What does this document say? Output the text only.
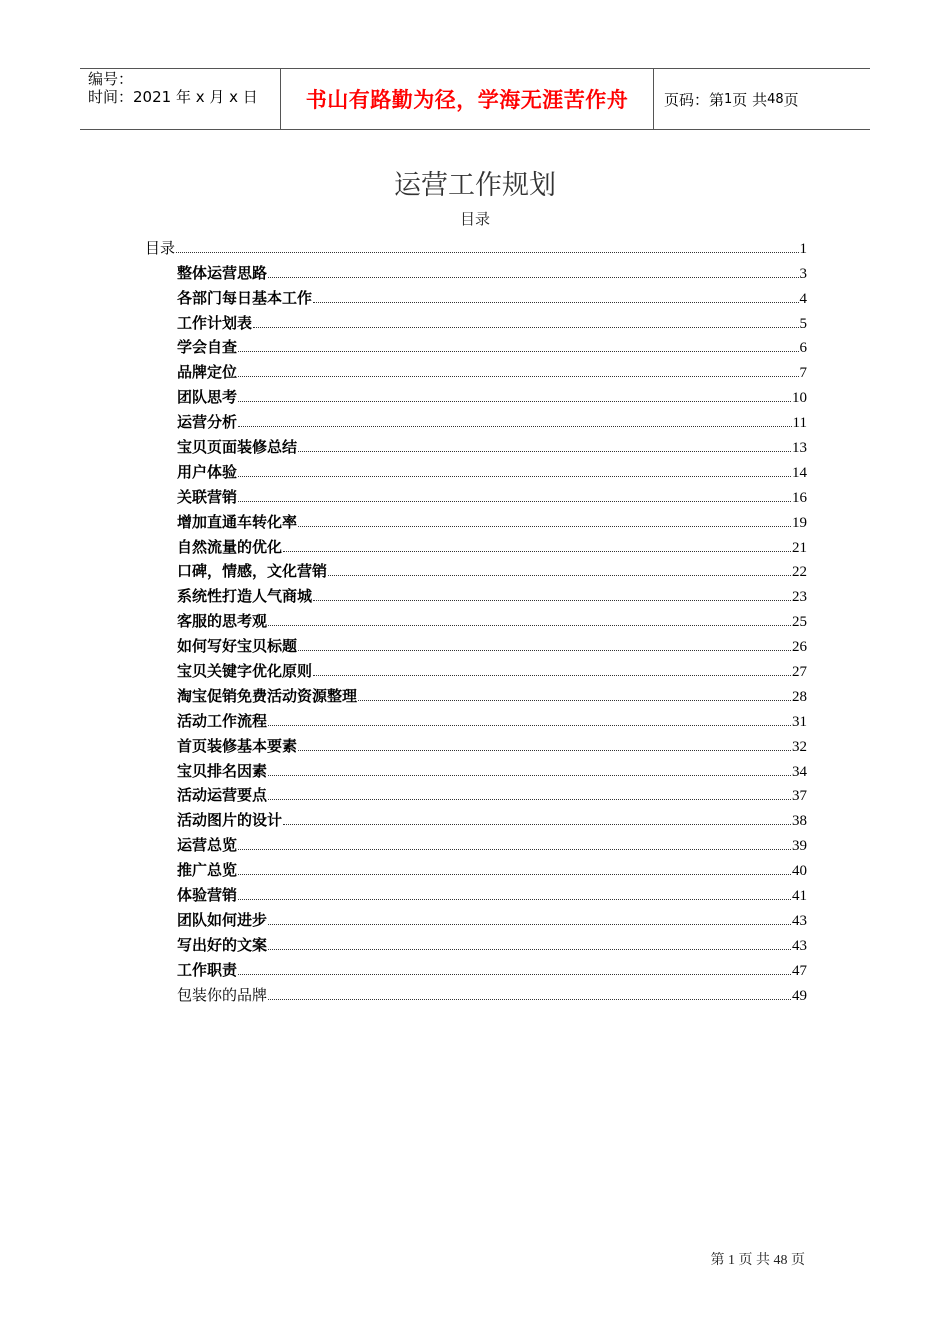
编号：
时间：2021 年 x 月 x 日	书山有路勤为径，学海无涯苦作舟 页码：第 1 页 共 48 页
运营工作规划
目录
目录	1
整体运营思路	3
各部门每日基本工作	4
工作计划表	5
学会自查	6
品牌定位	7
团队思考	10
运营分析	11
宝贝页面装修总结	13
用户体验	14
关联营销	16
增加直通车转化率	19
自然流量的优化	21
口碑，情感，文化营销	22
系统性打造人气商城	23
客服的思考观	25
如何写好宝贝标题	26
宝贝关键字优化原则	27
淘宝促销免费活动资源整理	28
活动工作流程	31
首页装修基本要素	32
宝贝排名因素	34
活动运营要点	37
活动图片的设计	38
运营总览	39
推广总览	40
体验营销	41
团队如何进步	43
写出好的文案	43
工作职责	47
包装你的品牌	49
第 1 页 共 48 页
